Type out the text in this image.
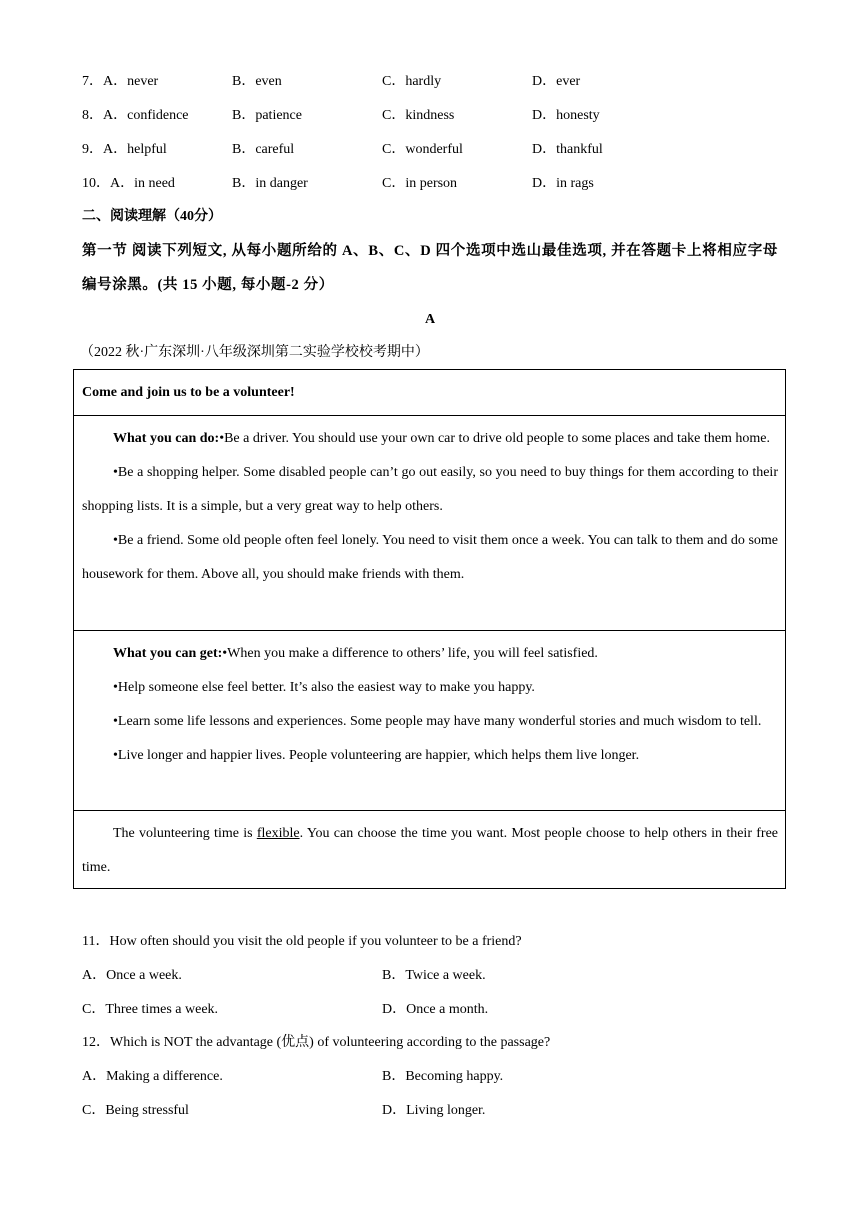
7．A．never	B．even	C．hardly	D．ever
8．A．confidence	B．patience	C．kindness	D．honesty
9．A．helpful	B．careful	C．wonderful	D．thankful
10．A．in need	B．in danger	C．in person	D．in rags
二、阅读理解（40分）
第一节 阅读下列短文, 从每小题所给的 A、B、C、D 四个选项中选山最佳选项, 并在答题卡上将相应字母编号涂黑。(共 15 小题, 每小题-2 分）
A
（2022 秋·广东深圳·八年级深圳第二实验学校校考期中）
Come and join us to be a volunteer!

What you can do:•Be a driver. You should use your own car to drive old people to some places and take them home.

•Be a shopping helper. Some disabled people can’t go out easily, so you need to buy things for them according to their shopping lists. It is a simple, but a very great way to help others.

•Be a friend. Some old people often feel lonely. You need to visit them once a week. You can talk to them and do some housework for them. Above all, you should make friends with them.

What you can get:•When you make a difference to others’ life, you will feel satisfied.

•Help someone else feel better. It’s also the easiest way to make you happy.

•Learn some life lessons and experiences. Some people may have many wonderful stories and much wisdom to tell.

•Live longer and happier lives. People volunteering are happier, which helps them live longer.

The volunteering time is flexible. You can choose the time you want. Most people choose to help others in their free time.

11．How often should you visit the old people if you volunteer to be a friend?
A．Once a week.	B．Twice a week.
C．Three times a week.	D．Once a month.
12．Which is NOT the advantage (优点) of volunteering according to the passage?
A．Making a difference.	B．Becoming happy.
C．Being stressful	D．Living longer.
